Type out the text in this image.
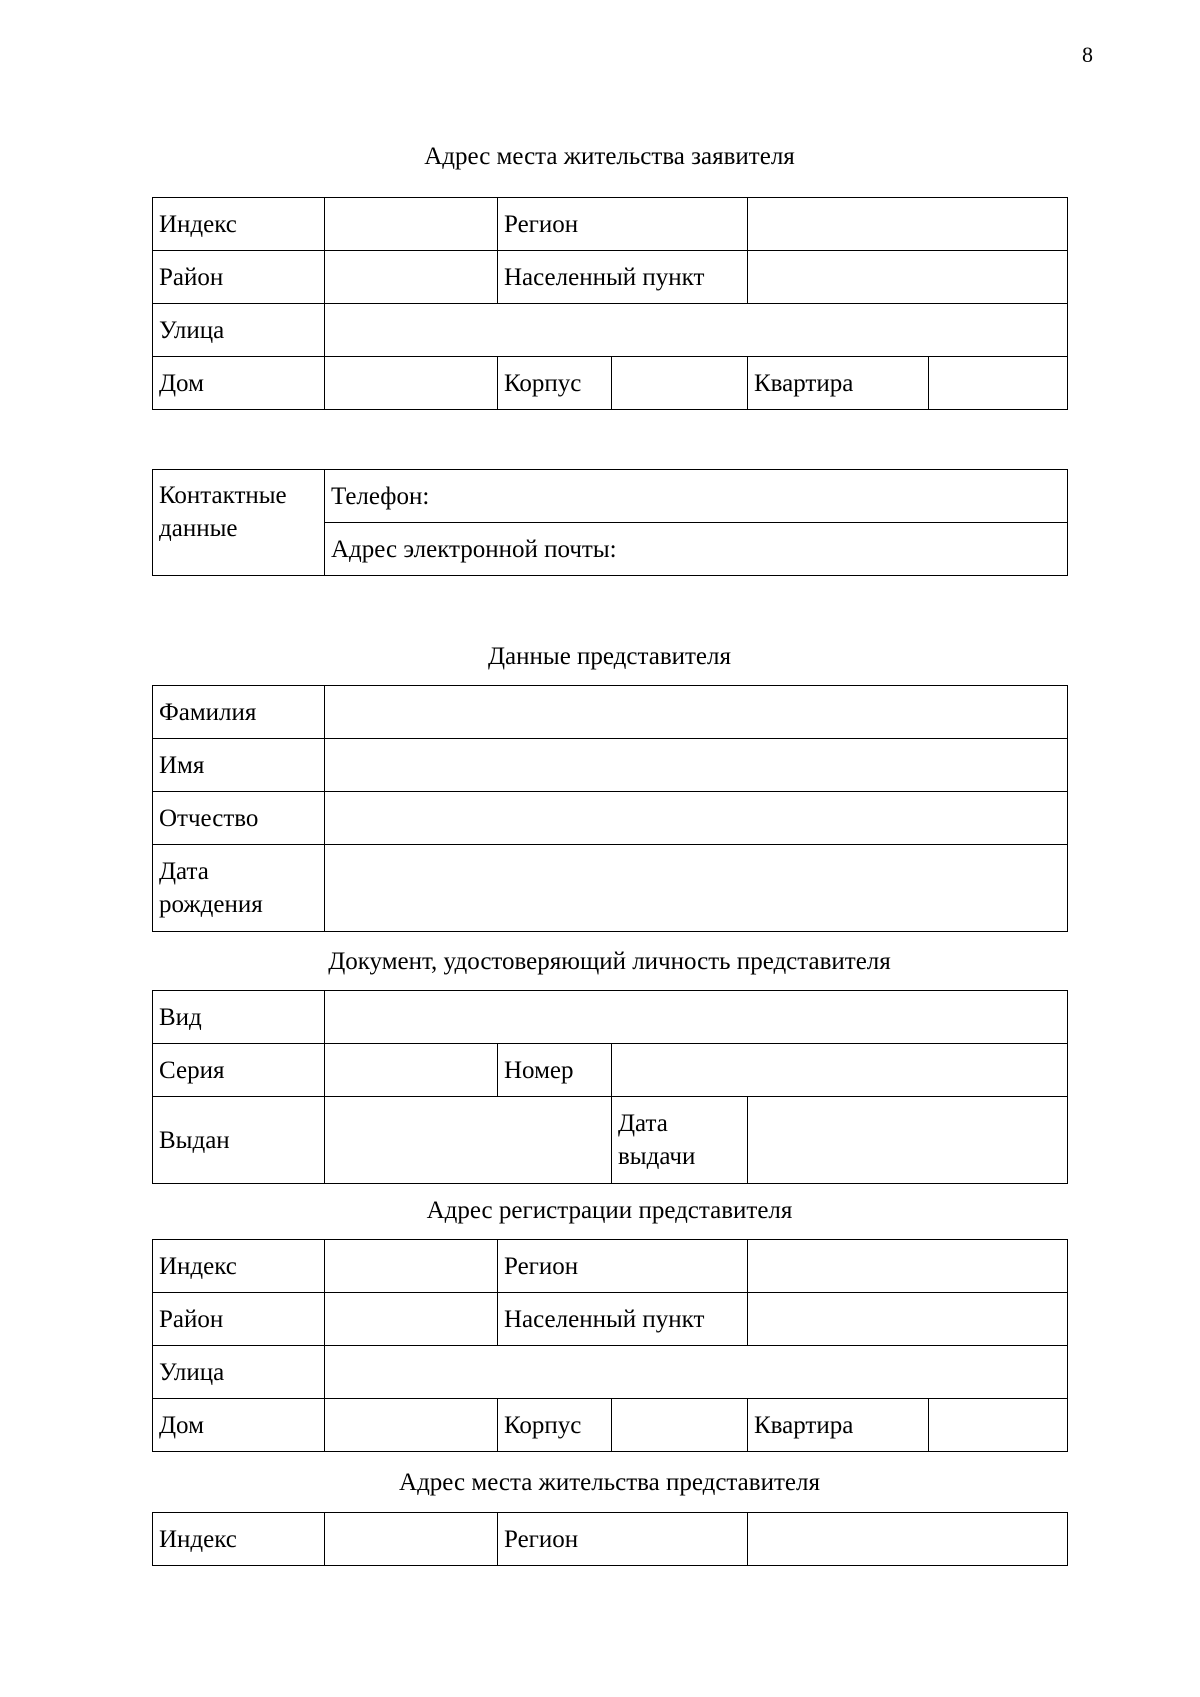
8
Адрес места жительства заявителя
Индекс		Регион			
Район		Населенный пункт			
Улица					
Дом		Корпус		Квартира	
Контактные данные	Телефон:
Адрес электронной почты:
Данные представителя
Фамилия	
Имя	
Отчество	
Дата рождения	
Документ, удостоверяющий личность представителя
Вид				
Серия		Номер		
Выдан			Дата выдачи	
Адрес регистрации представителя
Индекс		Регион			
Район		Населенный пункт			
Улица					
Дом		Корпус		Квартира	
Адрес места жительства представителя
Индекс		Регион	
